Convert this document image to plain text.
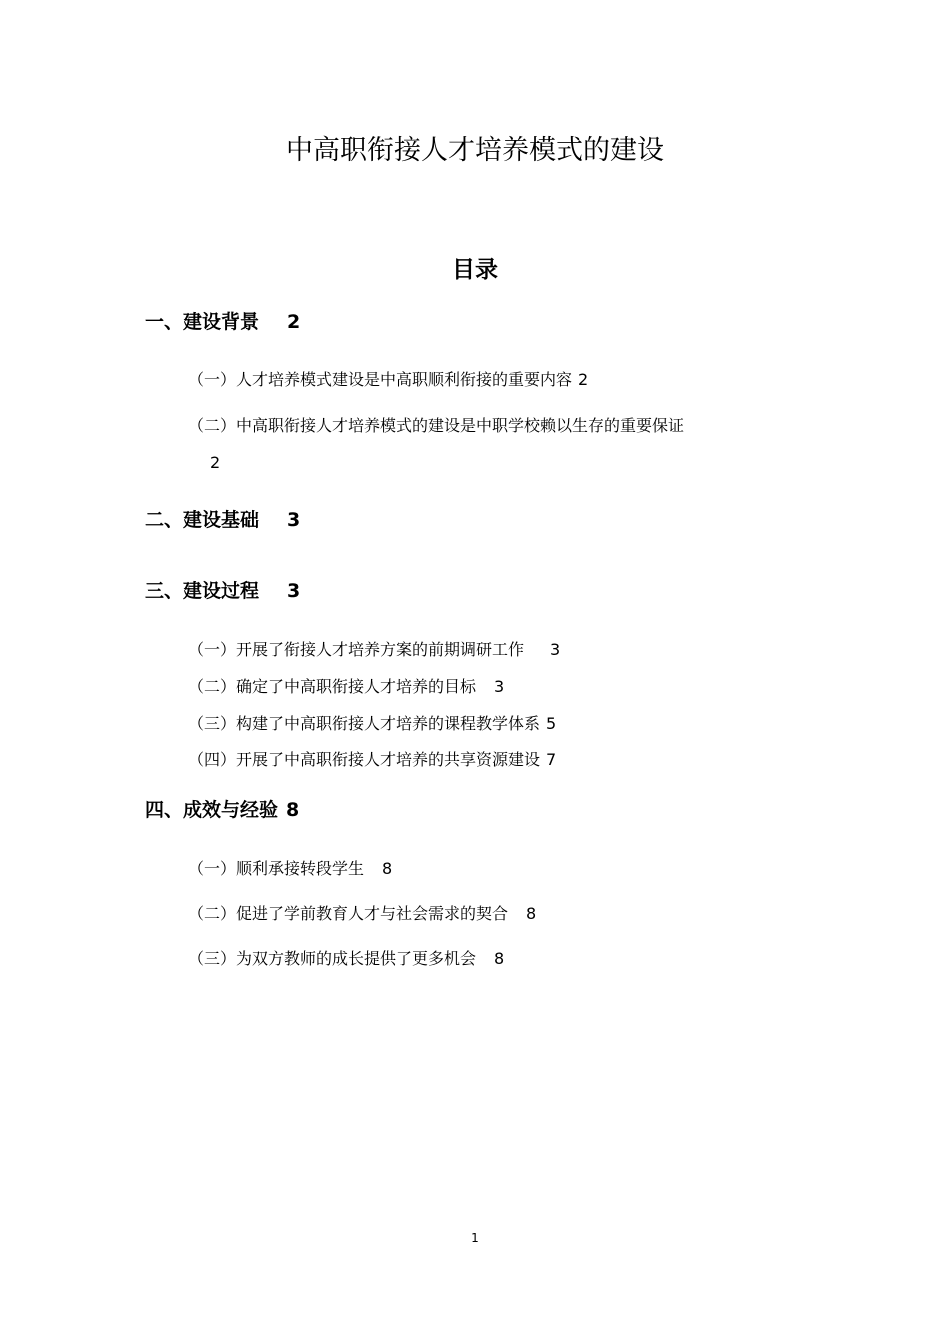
中高职衔接人才培养模式的建设
目录
一、建设背景 2
（一）人才培养模式建设是中高职顺利衔接的重要内容 2
（二）中高职衔接人才培养模式的建设是中职学校赖以生存的重要保证
2
二、建设基础 3
三、建设过程 3
（一）开展了衔接人才培养方案的前期调研工作 3
（二）确定了中高职衔接人才培养的目标 3
（三）构建了中高职衔接人才培养的课程教学体系 5
（四）开展了中高职衔接人才培养的共享资源建设 7
四、成效与经验 8
（一）顺利承接转段学生 8
（二）促进了学前教育人才与社会需求的契合 8
（三）为双方教师的成长提供了更多机会 8
1
